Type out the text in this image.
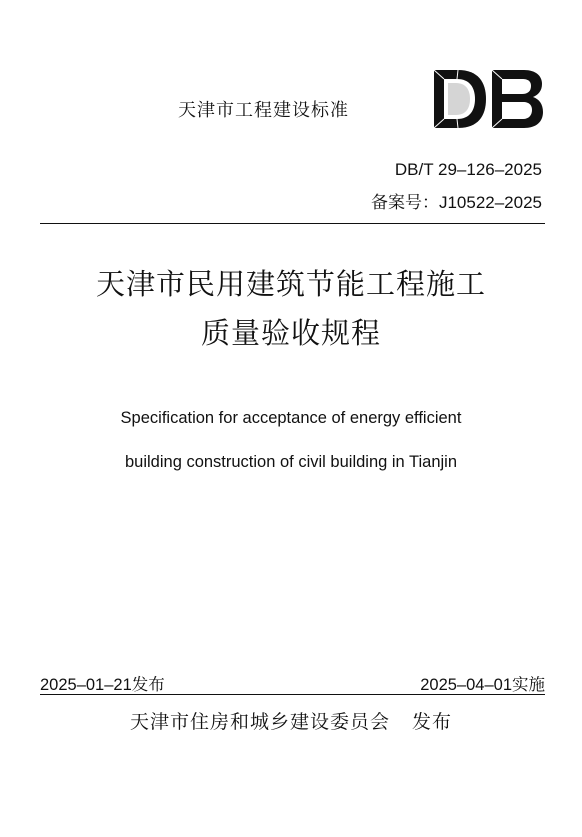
天津市工程建设标准
DB/T 29–126–2025
备案号：J10522–2025
天津市民用建筑节能工程施工
质量验收规程
Specification for acceptance of energy efficient
building construction of civil building in Tianjin
2025–01–21发布	2025–04–01实施
天津市住房和城乡建设委员会 发布
